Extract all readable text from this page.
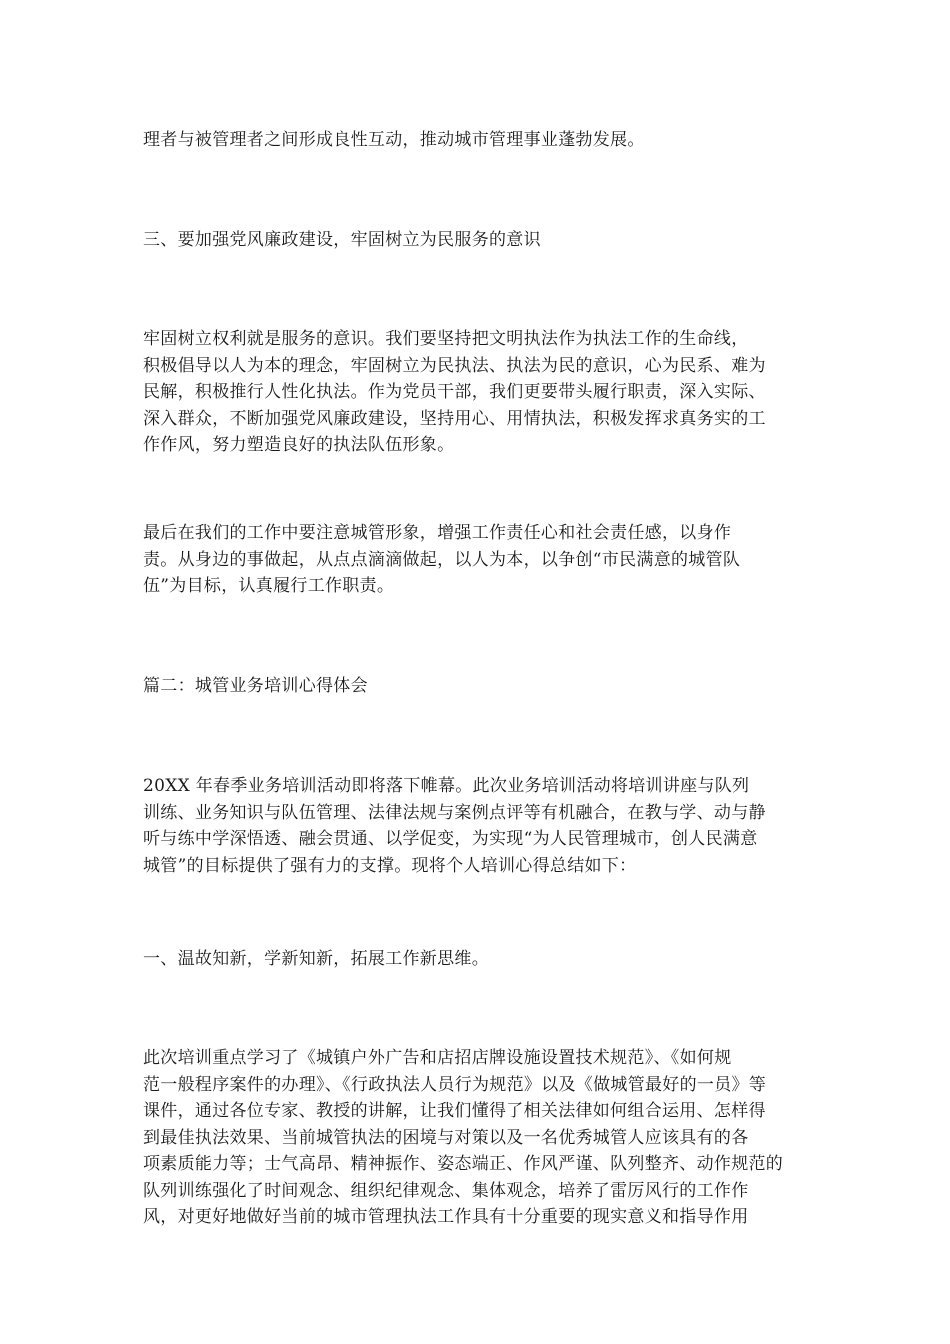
理者与被管理者之间形成良性互动，推动城市管理事业蓬勃发展。

三、要加强党风廉政建设，牢固树立为民服务的意识

牢固树立权利就是服务的意识。我们要坚持把文明执法作为执法工作的生命线，
积极倡导以人为本的理念，牢固树立为民执法、执法为民的意识，心为民系、难为
民解，积极推行人性化执法。作为党员干部，我们更要带头履行职责，深入实际、
深入群众，不断加强党风廉政建设，坚持用心、用情执法，积极发挥求真务实的工
作作风，努力塑造良好的执法队伍形象。

最后在我们的工作中要注意城管形象，增强工作责任心和社会责任感，以身作
责。从身边的事做起，从点点滴滴做起，以人为本，以争创“市民满意的城管队
伍”为目标，认真履行工作职责。

篇二：城管业务培训心得体会

20XX 年春季业务培训活动即将落下帷幕。此次业务培训活动将培训讲座与队列
训练、业务知识与队伍管理、法律法规与案例点评等有机融合，在教与学、动与静
听与练中学深悟透、融会贯通、以学促变，为实现“为人民管理城市，创人民满意
城管”的目标提供了强有力的支撑。现将个人培训心得总结如下：

一、温故知新，学新知新，拓展工作新思维。

此次培训重点学习了《城镇户外广告和店招店牌设施设置技术规范》、《如何规
范一般程序案件的办理》、《行政执法人员行为规范》以及《做城管最好的一员》等
课件，通过各位专家、教授的讲解，让我们懂得了相关法律如何组合运用、怎样得
到最佳执法效果、当前城管执法的困境与对策以及一名优秀城管人应该具有的各
项素质能力等；士气高昂、精神振作、姿态端正、作风严谨、队列整齐、动作规范的
队列训练强化了时间观念、组织纪律观念、集体观念，培养了雷厉风行的工作作
风，对更好地做好当前的城市管理执法工作具有十分重要的现实意义和指导作用
